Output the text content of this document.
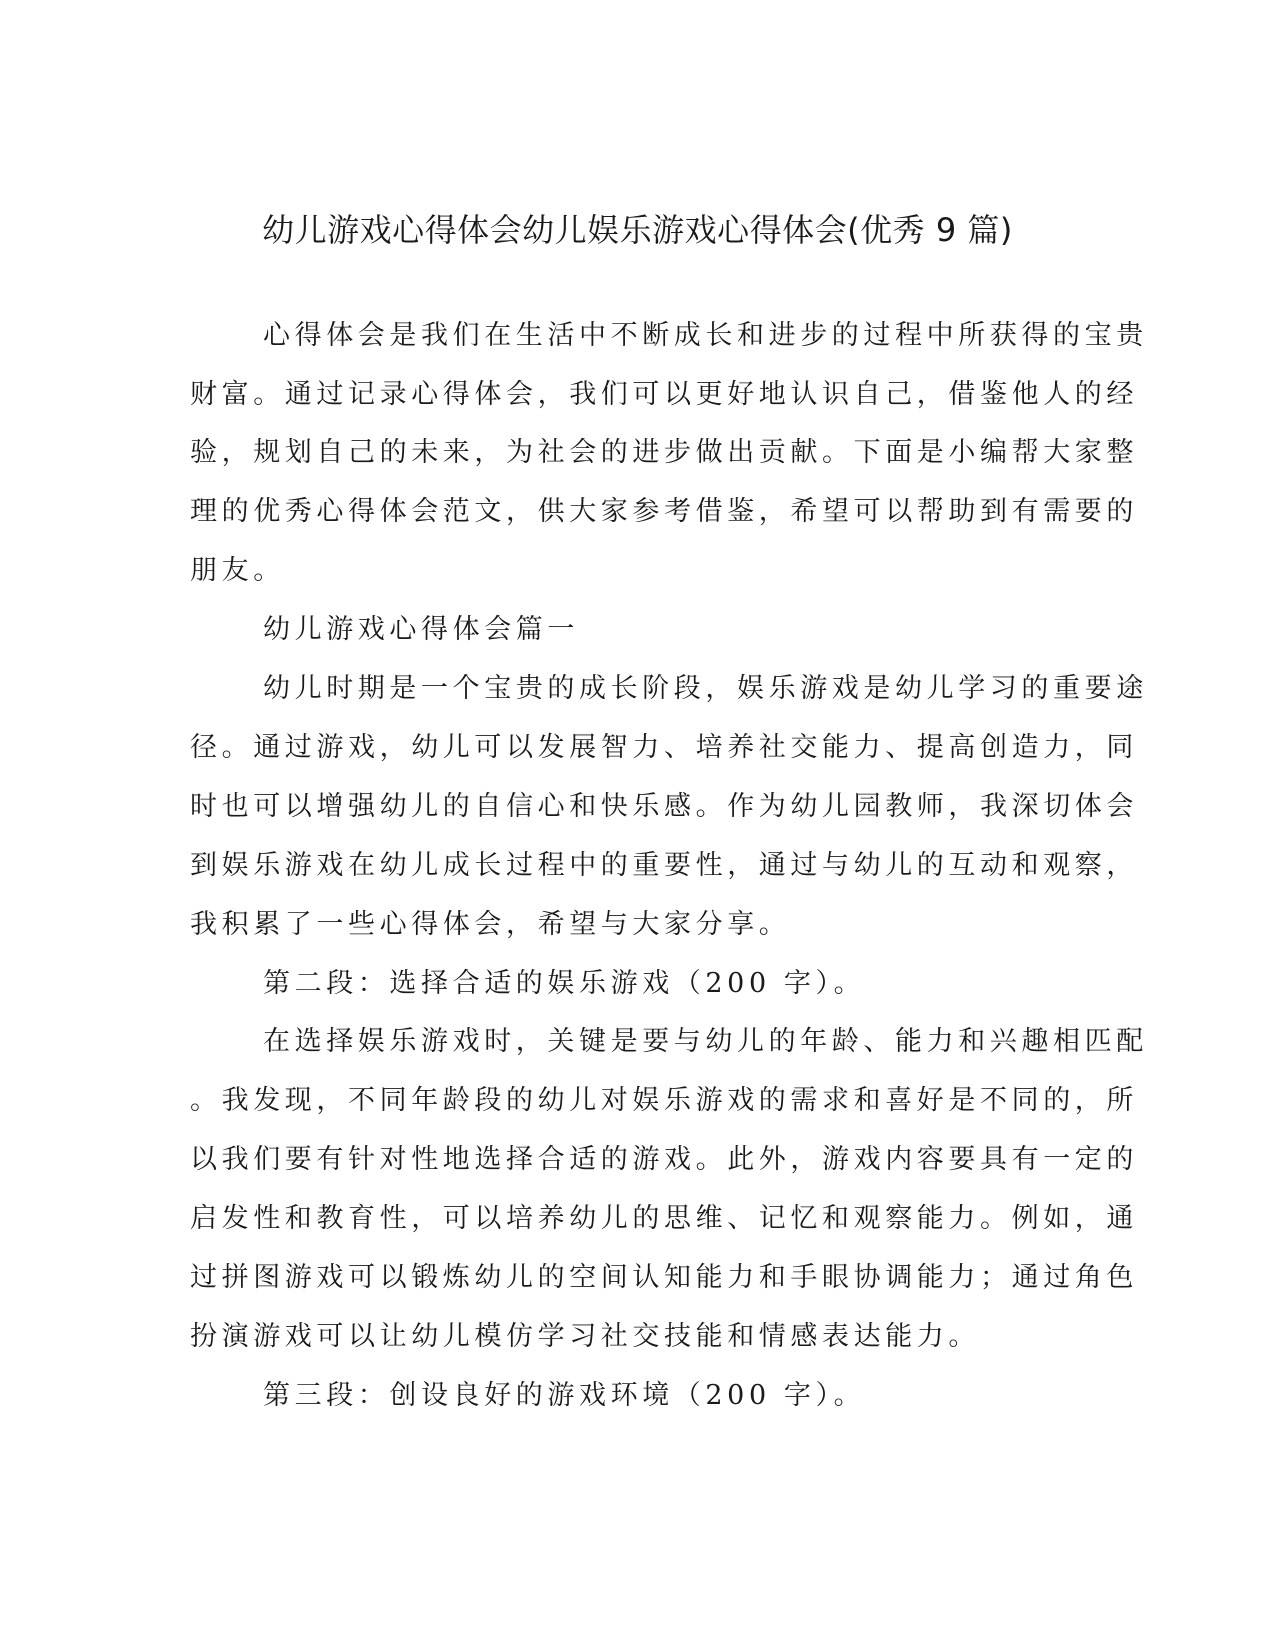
幼儿游戏心得体会幼儿娱乐游戏心得体会(优秀 9 篇)
心得体会是我们在生活中不断成长和进步的过程中所获得的宝贵
财富。通过记录心得体会，我们可以更好地认识自己，借鉴他人的经
验，规划自己的未来，为社会的进步做出贡献。下面是小编帮大家整
理的优秀心得体会范文，供大家参考借鉴，希望可以帮助到有需要的
朋友。
幼儿游戏心得体会篇一
幼儿时期是一个宝贵的成长阶段，娱乐游戏是幼儿学习的重要途
径。通过游戏，幼儿可以发展智力、培养社交能力、提高创造力，同
时也可以增强幼儿的自信心和快乐感。作为幼儿园教师，我深切体会
到娱乐游戏在幼儿成长过程中的重要性，通过与幼儿的互动和观察，
我积累了一些心得体会，希望与大家分享。
第二段：选择合适的娱乐游戏（200 字）。
在选择娱乐游戏时，关键是要与幼儿的年龄、能力和兴趣相匹配
。我发现，不同年龄段的幼儿对娱乐游戏的需求和喜好是不同的，所
以我们要有针对性地选择合适的游戏。此外，游戏内容要具有一定的
启发性和教育性，可以培养幼儿的思维、记忆和观察能力。例如，通
过拼图游戏可以锻炼幼儿的空间认知能力和手眼协调能力；通过角色
扮演游戏可以让幼儿模仿学习社交技能和情感表达能力。
第三段：创设良好的游戏环境（200 字）。
